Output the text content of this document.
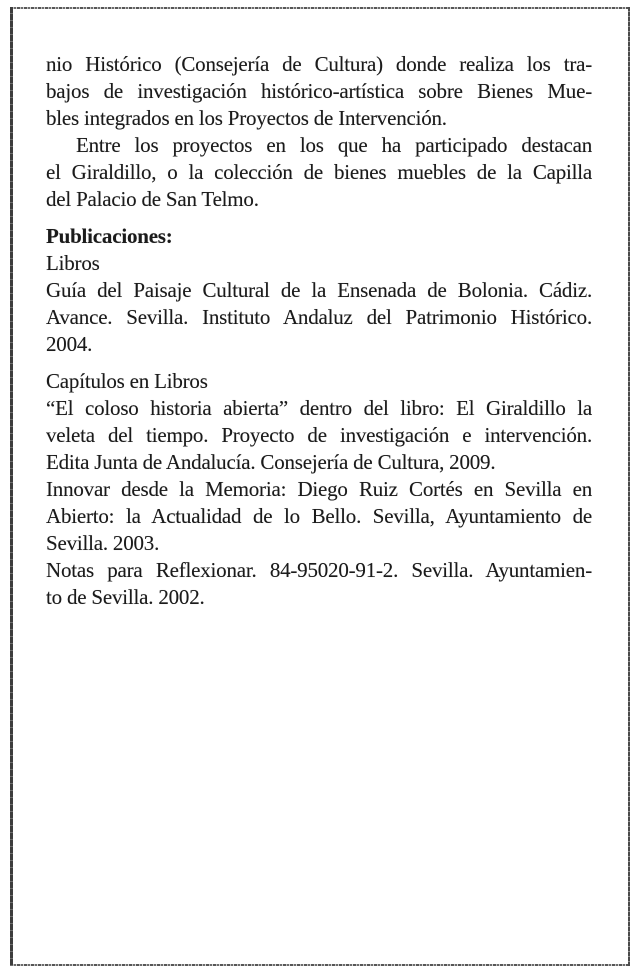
nio Histórico (Consejería de Cultura) donde realiza los tra-
bajos de investigación histórico-artística sobre Bienes Mue-
bles integrados en los Proyectos de Intervención.
Entre los proyectos en los que ha participado destacan
el Giraldillo, o la colección de bienes muebles de la Capilla
del Palacio de San Telmo.
Publicaciones:
Libros
Guía del Paisaje Cultural de la Ensenada de Bolonia. Cádiz.
Avance. Sevilla. Instituto Andaluz del Patrimonio Histórico.
2004.
Capítulos en Libros
“El coloso historia abierta” dentro del libro: El Giraldillo la
veleta del tiempo. Proyecto de investigación e intervención.
Edita Junta de Andalucía. Consejería de Cultura, 2009.
Innovar desde la Memoria: Diego Ruiz Cortés en Sevilla en
Abierto: la Actualidad de lo Bello. Sevilla, Ayuntamiento de
Sevilla. 2003.
Notas para Reflexionar. 84-95020-91-2. Sevilla. Ayuntamien-
to de Sevilla. 2002.
